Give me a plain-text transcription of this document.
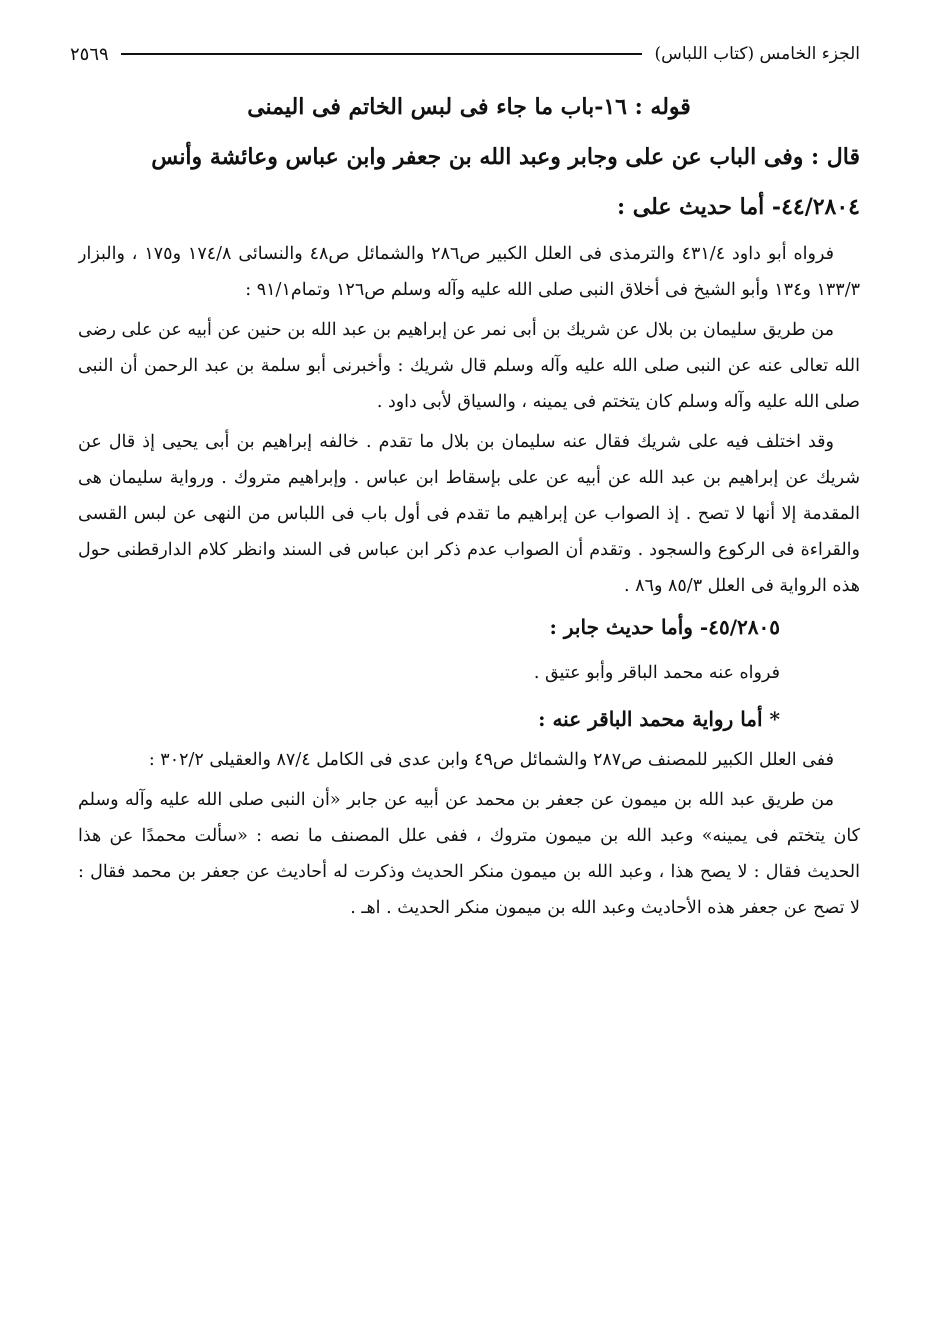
الجزء الخامس (كتاب اللباس)
٢٥٦٩
قوله : ١٦-باب ما جاء فى لبس الخاتم فى اليمنى
قال : وفى الباب عن على وجابر وعبد الله بن جعفر وابن عباس وعائشة وأنس
٤٤/٢٨٠٤- أما حديث على :
فرواه أبو داود ٤٣١/٤ والترمذى فى العلل الكبير ص٢٨٦ والشمائل ص٤٨ والنسائى ١٧٤/٨ و١٧٥ ، والبزار ١٣٣/٣ و١٣٤ وأبو الشيخ فى أخلاق النبى صلى الله عليه وآله وسلم ص١٢٦ وتمام٩١/١ :
من طريق سليمان بن بلال عن شريك بن أبى نمر عن إبراهيم بن عبد الله بن حنين عن أبيه عن على رضى الله تعالى عنه عن النبى صلى الله عليه وآله وسلم قال شريك : وأخبرنى أبو سلمة بن عبد الرحمن أن النبى صلى الله عليه وآله وسلم كان يتختم فى يمينه ، والسياق لأبى داود .
وقد اختلف فيه على شريك فقال عنه سليمان بن بلال ما تقدم . خالفه إبراهيم بن أبى يحيى إذ قال عن شريك عن إبراهيم بن عبد الله عن أبيه عن على بإسقاط ابن عباس . وإبراهيم متروك . ورواية سليمان هى المقدمة إلا أنها لا تصح . إذ الصواب عن إبراهيم ما تقدم فى أول باب فى اللباس من النهى عن لبس القسى والقراءة فى الركوع والسجود . وتقدم أن الصواب عدم ذكر ابن عباس فى السند وانظر كلام الدارقطنى حول هذه الرواية فى العلل ٨٥/٣ و٨٦ .
٤٥/٢٨٠٥- وأما حديث جابر :
فرواه عنه محمد الباقر وأبو عتيق .
* أما رواية محمد الباقر عنه :
ففى العلل الكبير للمصنف ص٢٨٧ والشمائل ص٤٩ وابن عدى فى الكامل ٨٧/٤ والعقيلى ٣٠٢/٢ :
من طريق عبد الله بن ميمون عن جعفر بن محمد عن أبيه عن جابر «أن النبى صلى الله عليه وآله وسلم كان يتختم فى يمينه» وعبد الله بن ميمون متروك ، ففى علل المصنف ما نصه : «سألت محمدًا عن هذا الحديث فقال : لا يصح هذا ، وعبد الله بن ميمون منكر الحديث وذكرت له أحاديث عن جعفر بن محمد فقال : لا تصح عن جعفر هذه الأحاديث وعبد الله بن ميمون منكر الحديث . اهـ .
